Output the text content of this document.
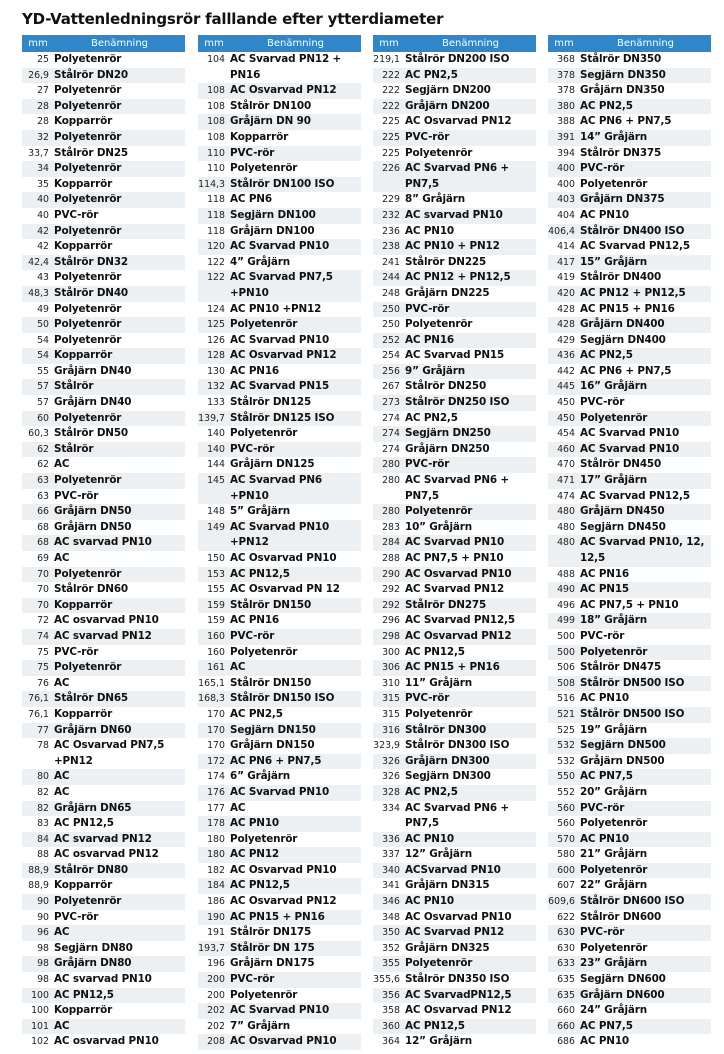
YD-Vattenledningsrör falllande efter ytterdiameter
mm	Benämning
25 Polyetenrör
26,9 Stålrör DN20
27 Polyetenrör
28 Polyetenrör
28 Kopparrör
32 Polyetenrör
33,7 Stålrör DN25
34 Polyetenrör
35 Kopparrör
40 Polyetenrör
40 PVC-rör
42 Polyetenrör
42 Kopparrör
42,4 Stålrör DN32
43 Polyetenrör
48,3 Stålrör DN40
49 Polyetenrör
50 Polyetenrör
54 Polyetenrör
54 Kopparrör
55 Gråjärn DN40
57 Stålrör
57 Gråjärn DN40
60 Polyetenrör
60,3 Stålrör DN50
62 Stålrör
62 AC
63 Polyetenrör
63 PVC-rör
66 Gråjärn DN50
68 Gråjärn DN50
68 AC svarvad PN10
69 AC
70 Polyetenrör
70 Stålrör DN60
70 Kopparrör
72 AC osvarvad PN10
74 AC svarvad PN12
75 PVC-rör
75 Polyetenrör
76 AC
76,1 Stålrör DN65
76,1 Kopparrör
77 Gråjärn DN60
78 AC Osvarvad PN7,5
+PN12
80 AC
82 AC
82 Gråjärn DN65
83 AC PN12,5
84 AC svarvad PN12
88 AC osvarvad PN12
88,9 Stålrör DN80
88,9 Kopparrör
90 Polyetenrör
90 PVC-rör
96 AC
98 Segjärn DN80
98 Gråjärn DN80
98 AC svarvad PN10
100 AC PN12,5
100 Kopparrör
101 AC
102 AC osvarvad PN10
mm	Benämning
104 AC Svarvad PN12 +
PN16
108 AC Osvarvad PN12
108 Stålrör DN100
108 Gråjärn DN 90
108 Kopparrör
110 PVC-rör
110 Polyetenrör
114,3 Stålrör DN100 ISO
118 AC PN6
118 Segjärn DN100
118 Gråjärn DN100
120 AC Svarvad PN10
122 4” Gråjärn
122 AC Svarvad PN7,5
+PN10
124 AC PN10 +PN12
125 Polyetenrör
126 AC Svarvad PN10
128 AC Osvarvad PN12
130 AC PN16
132 AC Svarvad PN15
133 Stålrör DN125
139,7 Stålrör DN125 ISO
140 Polyetenrör
140 PVC-rör
144 Gråjärn DN125
145 AC Svarvad PN6
+PN10
148 5” Gråjärn
149 AC Svarvad PN10
+PN12
150 AC Osvarvad PN10
153 AC PN12,5
155 AC Osvarvad PN 12
159 Stålrör DN150
159 AC PN16
160 PVC-rör
160 Polyetenrör
161 AC
165,1 Stålrör DN150
168,3 Stålrör DN150 ISO
170 AC PN2,5
170 Segjärn DN150
170 Gråjärn DN150
172 AC PN6 + PN7,5
174 6” Gråjärn
176 AC Svarvad PN10
177 AC
178 AC PN10
180 Polyetenrör
180 AC PN12
182 AC Osvarvad PN10
184 AC PN12,5
186 AC Osvarvad PN12
190 AC PN15 + PN16
191 Stålrör DN175
193,7 Stålrör DN 175
196 Gråjärn DN175
200 PVC-rör
200 Polyetenrör
202 AC Svarvad PN10
202 7” Gråjärn
208 AC Osvarvad PN10
mm	Benämning
219,1 Stålrör DN200 ISO
222 AC PN2,5
222 Segjärn DN200
222 Gråjärn DN200
225 AC Osvarvad PN12
225 PVC-rör
225 Polyetenrör
226 AC Svarvad PN6 +
PN7,5
229 8” Gråjärn
232 AC svarvad PN10
236 AC PN10
238 AC PN10 + PN12
241 Stålrör DN225
244 AC PN12 + PN12,5
248 Gråjärn DN225
250 PVC-rör
250 Polyetenrör
252 AC PN16
254 AC Svarvad PN15
256 9” Gråjärn
267 Stålrör DN250
273 Stålrör DN250 ISO
274 AC PN2,5
274 Segjärn DN250
274 Gråjärn DN250
280 PVC-rör
280 AC Svarvad PN6 +
PN7,5
280 Polyetenrör
283 10” Gråjärn
284 AC Svarvad PN10
288 AC PN7,5 + PN10
290 AC Osvarvad PN10
292 AC Svarvad PN12
292 Stålrör DN275
296 AC Svarvad PN12,5
298 AC Osvarvad PN12
300 AC PN12,5
306 AC PN15 + PN16
310 11” Gråjärn
315 PVC-rör
315 Polyetenrör
316 Stålrör DN300
323,9 Stålrör DN300 ISO
326 Gråjärn DN300
326 Segjärn DN300
328 AC PN2,5
334 AC Svarvad PN6 +
PN7,5
336 AC PN10
337 12” Gråjärn
340 ACSvarvad PN10
341 Gråjärn DN315
346 AC PN10
348 AC Osvarvad PN10
350 AC Svarvad PN12
352 Gråjärn DN325
355 Polyetenrör
355,6 Stålrör DN350 ISO
356 AC SvarvadPN12,5
358 AC Osvarvad PN12
360 AC PN12,5
364 12” Gråjärn
mm	Benämning
368 Stålrör DN350
378 Segjärn DN350
378 Gråjärn DN350
380 AC PN2,5
388 AC PN6 + PN7,5
391 14” Gråjärn
394 Stålrör DN375
400 PVC-rör
400 Polyetenrör
403 Gråjärn DN375
404 AC PN10
406,4 Stålrör DN400 ISO
414 AC Svarvad PN12,5
417 15” Gråjärn
419 Stålrör DN400
420 AC PN12 + PN12,5
428 AC PN15 + PN16
428 Gråjärn DN400
429 Segjärn DN400
436 AC PN2,5
442 AC PN6 + PN7,5
445 16” Gråjärn
450 PVC-rör
450 Polyetenrör
454 AC Svarvad PN10
460 AC Svarvad PN10
470 Stålrör DN450
471 17” Gråjärn
474 AC Svarvad PN12,5
480 Gråjärn DN450
480 Segjärn DN450
480 AC Svarvad PN10, 12,
12,5
488 AC PN16
490 AC PN15
496 AC PN7,5 + PN10
499 18” Gråjärn
500 PVC-rör
500 Polyetenrör
506 Stålrör DN475
508 Stålrör DN500 ISO
516 AC PN10
521 Stålrör DN500 ISO
525 19” Gråjärn
532 Segjärn DN500
532 Gråjärn DN500
550 AC PN7,5
552 20” Gråjärn
560 PVC-rör
560 Polyetenrör
570 AC PN10
580 21” Gråjärn
600 Polyetenrör
607 22” Gråjärn
609,6 Stålrör DN600 ISO
622 Stålrör DN600
630 PVC-rör
630 Polyetenrör
633 23” Gråjärn
635 Segjärn DN600
635 Gråjärn DN600
660 24” Gråjärn
660 AC PN7,5
686 AC PN10
